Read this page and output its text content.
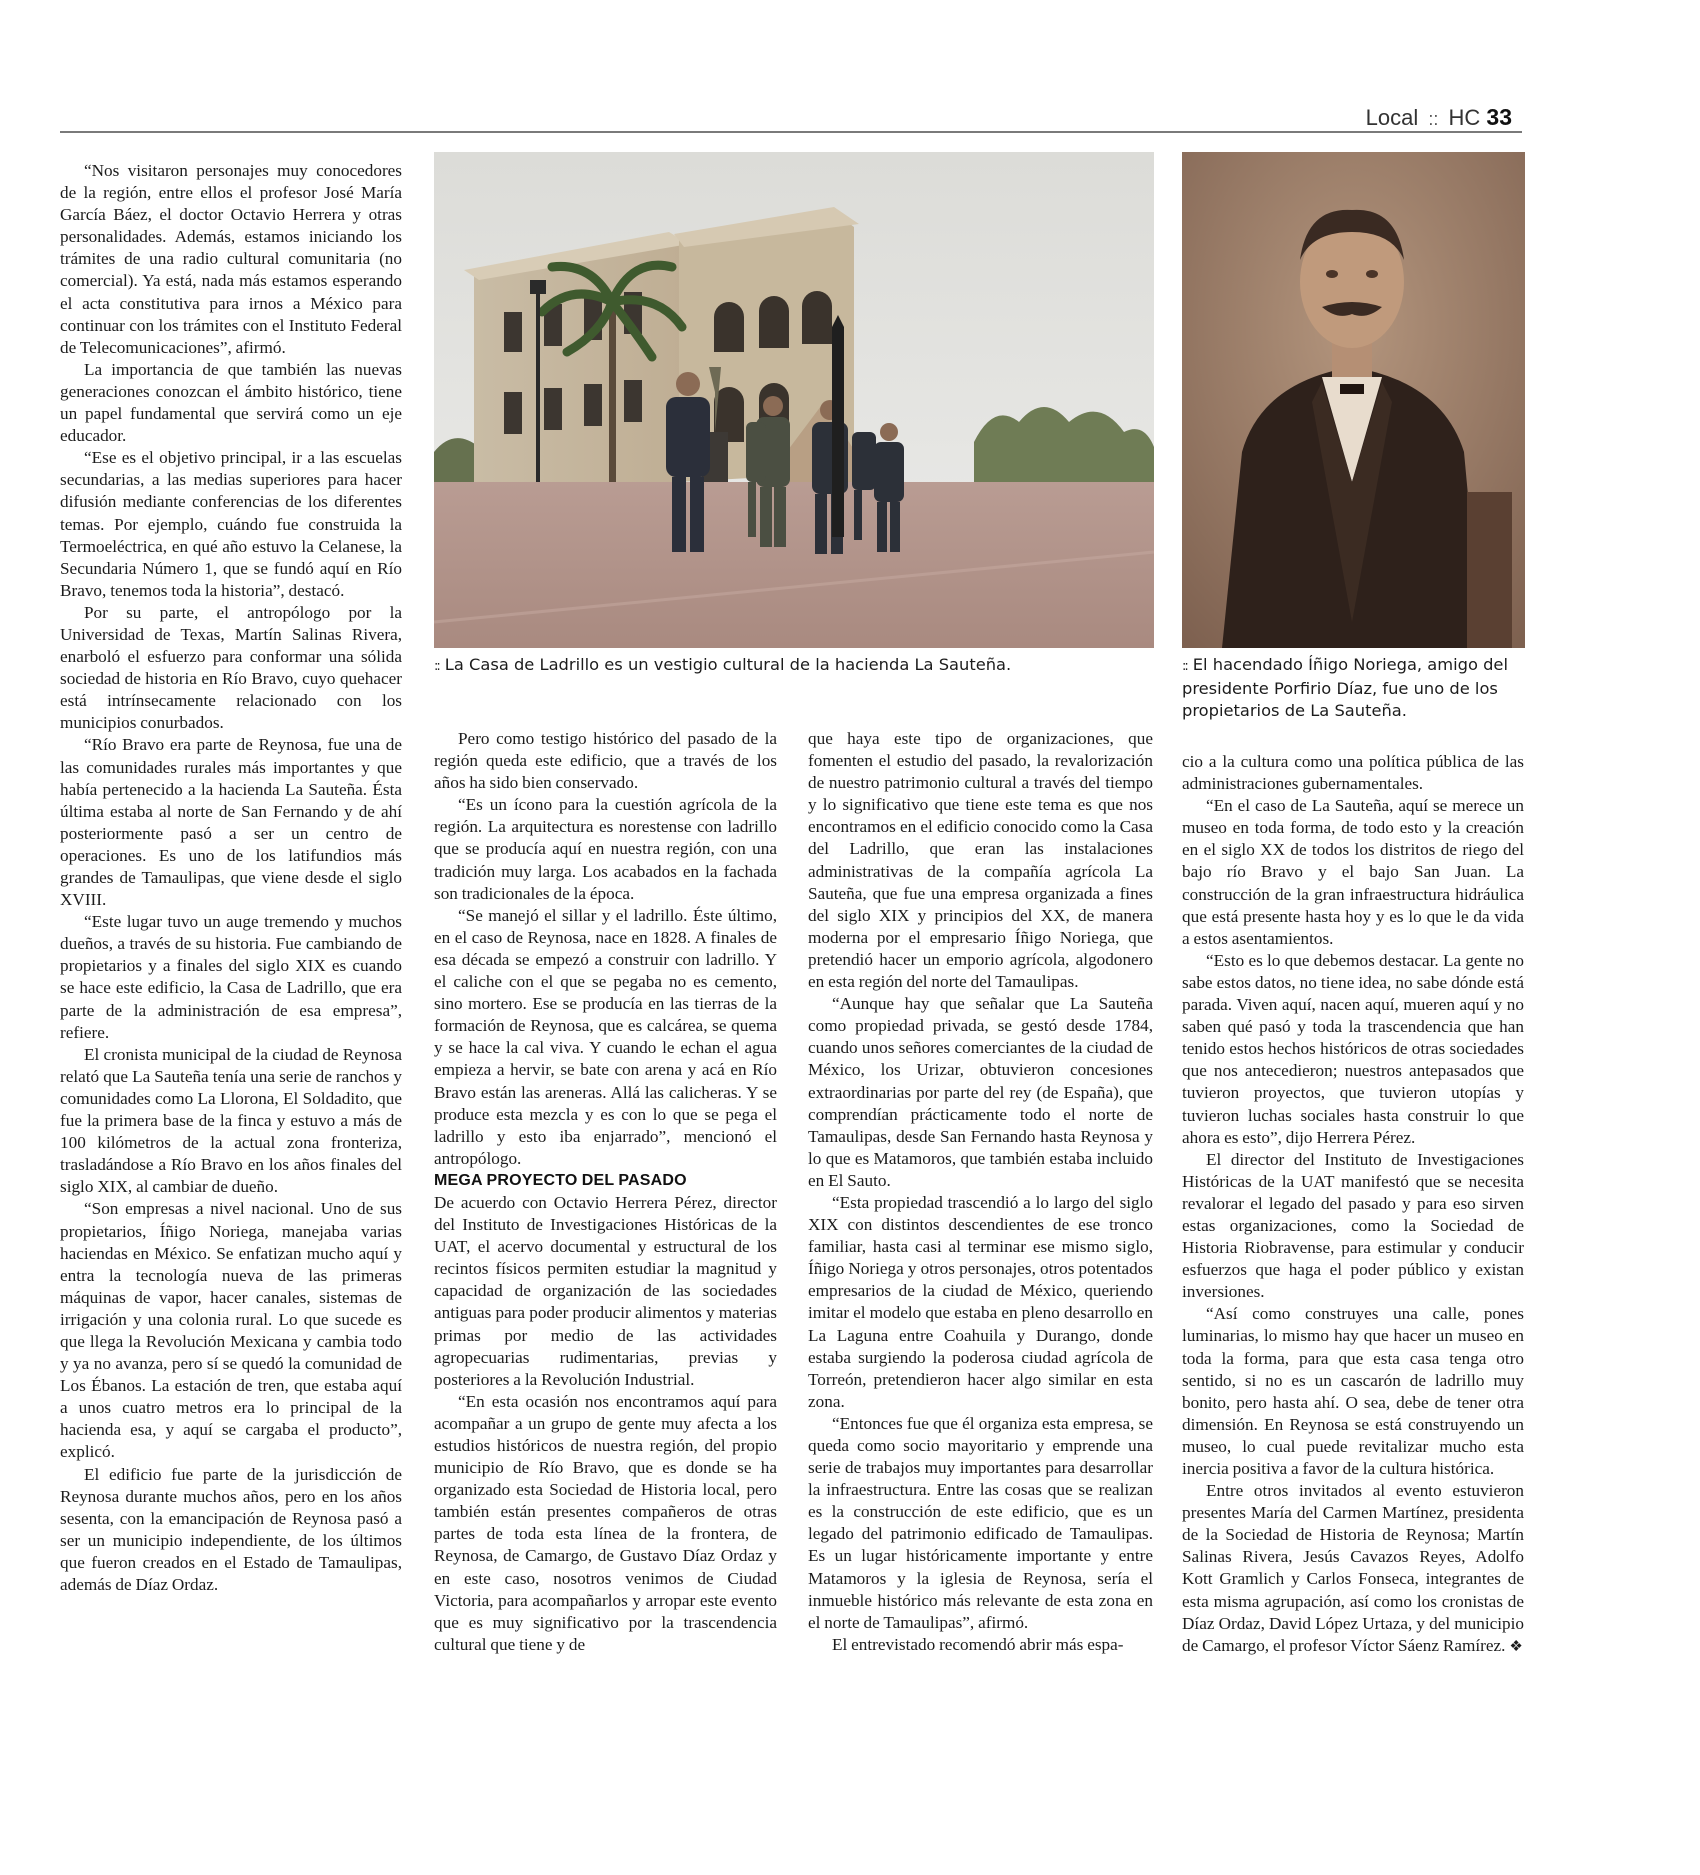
Local :: HC 33
:: La Casa de Ladrillo es un vestigio cultural de la hacienda La Sauteña.	:: El hacendado Íñigo Noriega, amigo del presidente Porfirio Díaz, fue uno de los propietarios de La Sauteña.

“Nos visitaron personajes muy conocedores de la región, entre ellos el profesor José María García Báez, el doctor Octavio Herrera y otras personalidades. Además, estamos iniciando los trámites de una radio cultural comunitaria (no comercial). Ya está, nada más estamos esperando el acta constitutiva para irnos a México para continuar con los trámites con el Instituto Federal de Telecomunicaciones”, afirmó.

La importancia de que también las nuevas generaciones conozcan el ámbito histórico, tiene un papel fundamental que servirá como un eje educador.

“Ese es el objetivo principal, ir a las escuelas secundarias, a las medias superiores para hacer difusión mediante conferencias de los diferentes temas. Por ejemplo, cuándo fue construida la Termoeléctrica, en qué año estuvo la Celanese, la Secundaria Número 1, que se fundó aquí en Río Bravo, tenemos toda la historia”, destacó.

Por su parte, el antropólogo por la Universidad de Texas, Martín Salinas Rivera, enarboló el esfuerzo para conformar una sólida sociedad de historia en Río Bravo, cuyo quehacer está intrínsecamente relacionado con los municipios conurbados.

“Río Bravo era parte de Reynosa, fue una de las comunidades rurales más importantes y que había pertenecido a la hacienda La Sauteña. Ésta última estaba al norte de San Fernando y de ahí posteriormente pasó a ser un centro de operaciones. Es uno de los latifundios más grandes de Tamaulipas, que viene desde el siglo XVIII.

“Este lugar tuvo un auge tremendo y muchos dueños, a través de su historia. Fue cambiando de propietarios y a finales del siglo XIX es cuando se hace este edificio, la Casa de Ladrillo, que era parte de la administración de esa empresa”, refiere.

El cronista municipal de la ciudad de Reynosa relató que La Sauteña tenía una serie de ranchos y comunidades como La Llorona, El Soldadito, que fue la primera base de la finca y estuvo a más de 100 kilómetros de la actual zona fronteriza, trasladándose a Río Bravo en los años finales del siglo XIX, al cambiar de dueño.

“Son empresas a nivel nacional. Uno de sus propietarios, Íñigo Noriega, manejaba varias haciendas en México. Se enfatizan mucho aquí y entra la tecnología nueva de las primeras máquinas de vapor, hacer canales, sistemas de irrigación y una colonia rural. Lo que sucede es que llega la Revolución Mexicana y cambia todo y ya no avanza, pero sí se quedó la comunidad de Los Ébanos. La estación de tren, que estaba aquí a unos cuatro metros era lo principal de la hacienda esa, y aquí se cargaba el producto”, explicó.

El edificio fue parte de la jurisdicción de Reynosa durante muchos años, pero en los años sesenta, con la emancipación de Reynosa pasó a ser un municipio independiente, de los últimos que fueron creados en el Estado de Tamaulipas, además de Díaz Ordaz.

Pero como testigo histórico del pasado de la región queda este edificio, que a través de los años ha sido bien conservado.

“Es un ícono para la cuestión agrícola de la región. La arquitectura es norestense con ladrillo que se producía aquí en nuestra región, con una tradición muy larga. Los acabados en la fachada son tradicionales de la época.

“Se manejó el sillar y el ladrillo. Éste último, en el caso de Reynosa, nace en 1828. A finales de esa década se empezó a construir con ladrillo. Y el caliche con el que se pegaba no es cemento, sino mortero. Ese se producía en las tierras de la formación de Reynosa, que es calcárea, se quema y se hace la cal viva. Y cuando le echan el agua empieza a hervir, se bate con arena y acá en Río Bravo están las areneras. Allá las calicheras. Y se produce esta mezcla y es con lo que se pega el ladrillo y esto iba enjarrado”, mencionó el antropólogo.

MEGA PROYECTO DEL PASADO

De acuerdo con Octavio Herrera Pérez, director del Instituto de Investigaciones Históricas de la UAT, el acervo documental y estructural de los recintos físicos permiten estudiar la magnitud y capacidad de organización de las sociedades antiguas para poder producir alimentos y materias primas por medio de las actividades agropecuarias rudimentarias, previas y posteriores a la Revolución Industrial.

“En esta ocasión nos encontramos aquí para acompañar a un grupo de gente muy afecta a los estudios históricos de nuestra región, del propio municipio de Río Bravo, que es donde se ha organizado esta Sociedad de Historia local, pero también están presentes compañeros de otras partes de toda esta línea de la frontera, de Reynosa, de Camargo, de Gustavo Díaz Ordaz y en este caso, nosotros venimos de Ciudad Victoria, para acompañarlos y arropar este evento que es muy significativo por la trascendencia cultural que tiene y de

que haya este tipo de organizaciones, que fomenten el estudio del pasado, la revalorización de nuestro patrimonio cultural a través del tiempo y lo significativo que tiene este tema es que nos encontramos en el edificio conocido como la Casa del Ladrillo, que eran las instalaciones administrativas de la compañía agrícola La Sauteña, que fue una empresa organizada a fines del siglo XIX y principios del XX, de manera moderna por el empresario Íñigo Noriega, que pretendió hacer un emporio agrícola, algodonero en esta región del norte del Tamaulipas.

“Aunque hay que señalar que La Sauteña como propiedad privada, se gestó desde 1784, cuando unos señores comerciantes de la ciudad de México, los Urizar, obtuvieron concesiones extraordinarias por parte del rey (de España), que comprendían prácticamente todo el norte de Tamaulipas, desde San Fernando hasta Reynosa y lo que es Matamoros, que también estaba incluido en El Sauto.

“Esta propiedad trascendió a lo largo del siglo XIX con distintos descendientes de ese tronco familiar, hasta casi al terminar ese mismo siglo, Íñigo Noriega y otros personajes, otros potentados empresarios de la ciudad de México, queriendo imitar el modelo que estaba en pleno desarrollo en La Laguna entre Coahuila y Durango, donde estaba surgiendo la poderosa ciudad agrícola de Torreón, pretendieron hacer algo similar en esta zona.

“Entonces fue que él organiza esta empresa, se queda como socio mayoritario y emprende una serie de trabajos muy importantes para desarrollar la infraestructura. Entre las cosas que se realizan es la construcción de este edificio, que es un legado del patrimonio edificado de Tamaulipas. Es un lugar históricamente importante y entre Matamoros y la iglesia de Reynosa, sería el inmueble histórico más relevante de esta zona en el norte de Tamaulipas”, afirmó.

El entrevistado recomendó abrir más espa-

cio a la cultura como una política pública de las administraciones gubernamentales.

“En el caso de La Sauteña, aquí se merece un museo en toda forma, de todo esto y la creación en el siglo XX de todos los distritos de riego del bajo río Bravo y el bajo San Juan. La construcción de la gran infraestructura hidráulica que está presente hasta hoy y es lo que le da vida a estos asentamientos.

“Esto es lo que debemos destacar. La gente no sabe estos datos, no tiene idea, no sabe dónde está parada. Viven aquí, nacen aquí, mueren aquí y no saben qué pasó y toda la trascendencia que han tenido estos hechos históricos de otras sociedades que nos antecedieron; nuestros antepasados que tuvieron proyectos, que tuvieron utopías y tuvieron luchas sociales hasta construir lo que ahora es esto”, dijo Herrera Pérez.

El director del Instituto de Investigaciones Históricas de la UAT manifestó que se necesita revalorar el legado del pasado y para eso sirven estas organizaciones, como la Sociedad de Historia Riobravense, para estimular y conducir esfuerzos que haga el poder público y existan inversiones.

“Así como construyes una calle, pones luminarias, lo mismo hay que hacer un museo en toda la forma, para que esta casa tenga otro sentido, si no es un cascarón de ladrillo muy bonito, pero hasta ahí. O sea, debe de tener otra dimensión. En Reynosa se está construyendo un museo, lo cual puede revitalizar mucho esta inercia positiva a favor de la cultura histórica.

Entre otros invitados al evento estuvieron presentes María del Carmen Martínez, presidenta de la Sociedad de Historia de Reynosa; Martín Salinas Rivera, Jesús Cavazos Reyes, Adolfo Kott Gramlich y Carlos Fonseca, integrantes de esta misma agrupación, así como los cronistas de Díaz Ordaz, David López Urtaza, y del municipio de Camargo, el profesor Víctor Sáenz Ramírez. ❖
